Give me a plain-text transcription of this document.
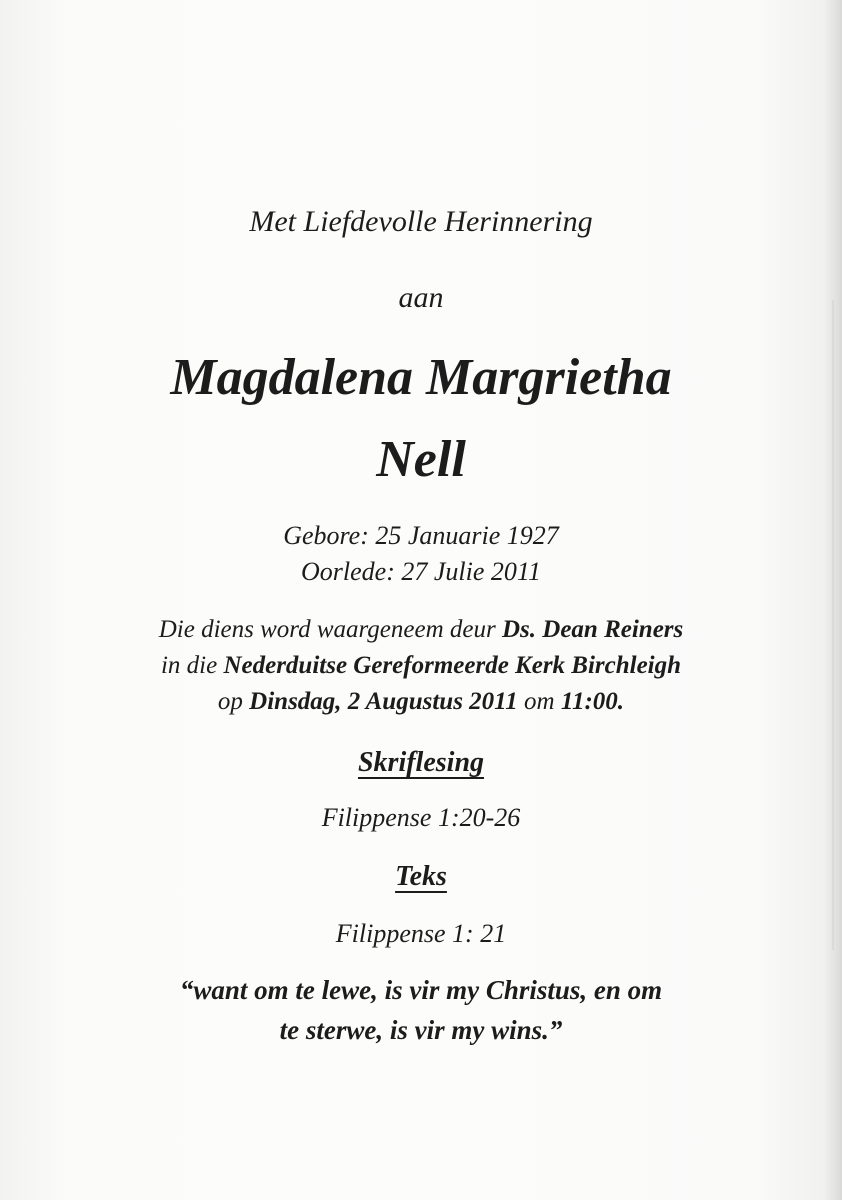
Met Liefdevolle Herinnering
aan
Magdalena Margrietha
Nell
Gebore: 25 Januarie 1927
Oorlede: 27 Julie 2011
Die diens word waargeneem deur Ds. Dean Reiners
in die Nederduitse Gereformeerde Kerk Birchleigh
op Dinsdag, 2 Augustus 2011 om 11:00.
Skriflesing
Filippense 1:20-26
Teks
Filippense 1: 21
“want om te lewe, is vir my Christus, en om
te sterwe, is vir my wins.”
